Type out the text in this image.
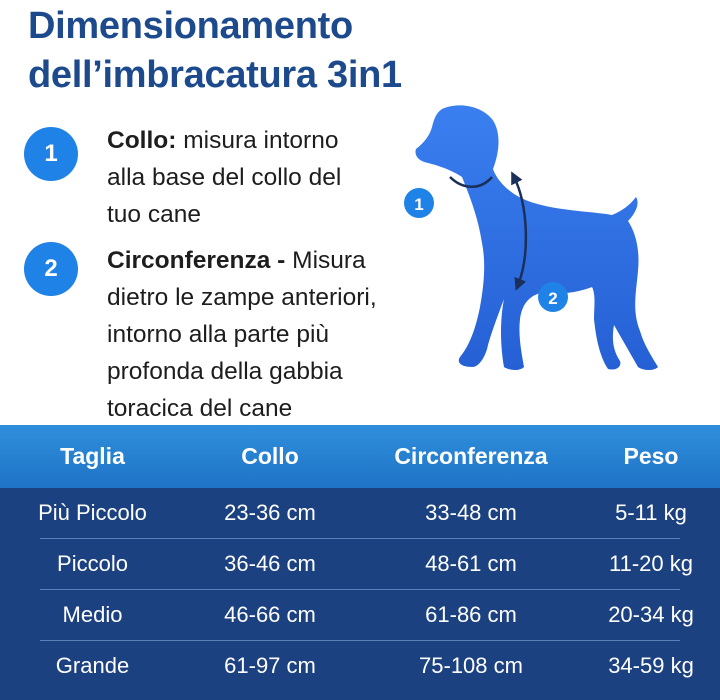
Dimensionamento
dell’imbracatura 3in1
1	Collo: misura intorno
alla base del collo del
tuo cane
2	Circonferenza - Misura
dietro le zampe anteriori,
intorno alla parte più
profonda della gabbia
toracica del cane
1
2
Taglia	Collo	Circonferenza	Peso
Più Piccolo	23-36 cm	33-48 cm	5-11 kg
Piccolo	36-46 cm	48-61 cm	11-20 kg
Medio	46-66 cm	61-86 cm	20-34 kg
Grande	61-97 cm	75-108 cm	34-59 kg
